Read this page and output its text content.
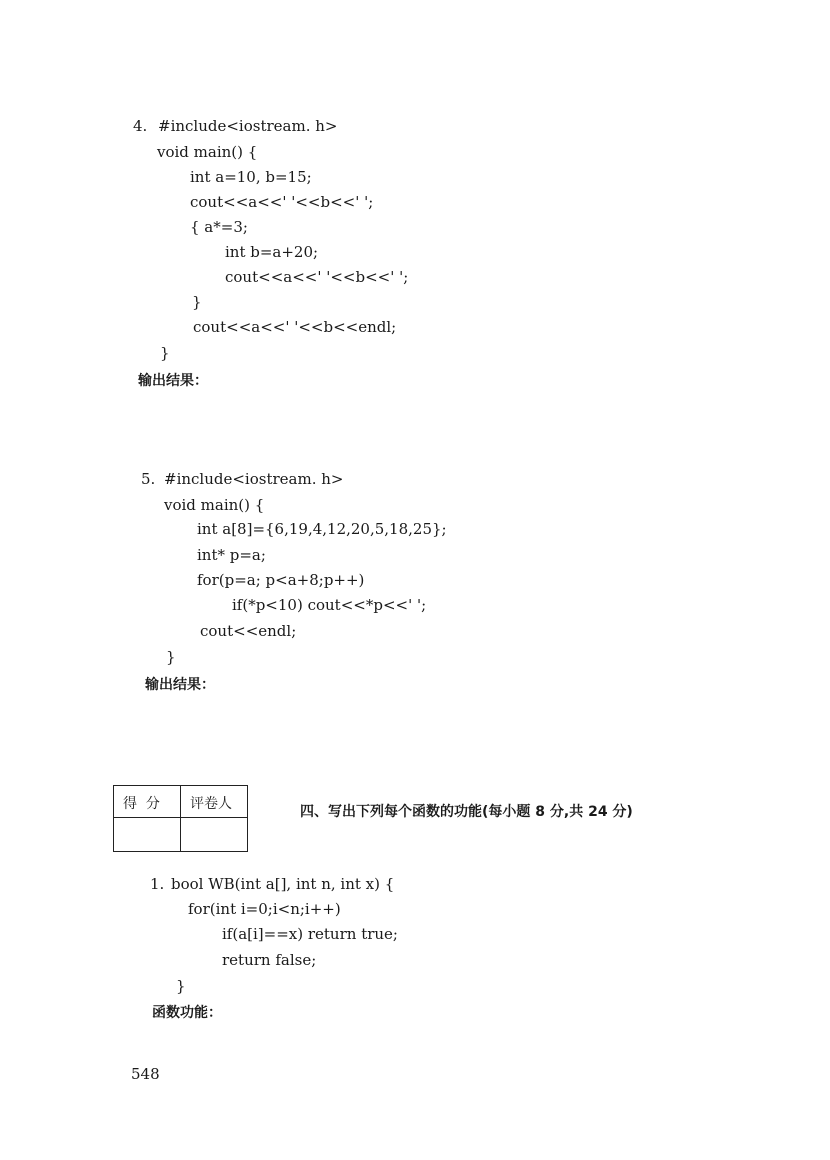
4. #include<iostream. h>
void main() {
int a=10, b=15;
cout<<a<<' '<<b<<' ';
{ a*=3;
int b=a+20;
cout<<a<<' '<<b<<' ';
}
cout<<a<<' '<<b<<endl;
}
输出结果：
5. #include<iostream. h>
void main() {
int a[8]={6,19,4,12,20,5,18,25};
int* p=a;
for(p=a; p<a+8;p++)
if(*p<10) cout<<*p<<' ';
cout<<endl;
}
输出结果：
得  分 评卷人	四、写出下列每个函数的功能(每小题 8 分,共 24 分)
1. bool WB(int a[], int n, int x) {
for(int i=0;i<n;i++)
if(a[i]==x) return true;
return false;
}
函数功能：
548
